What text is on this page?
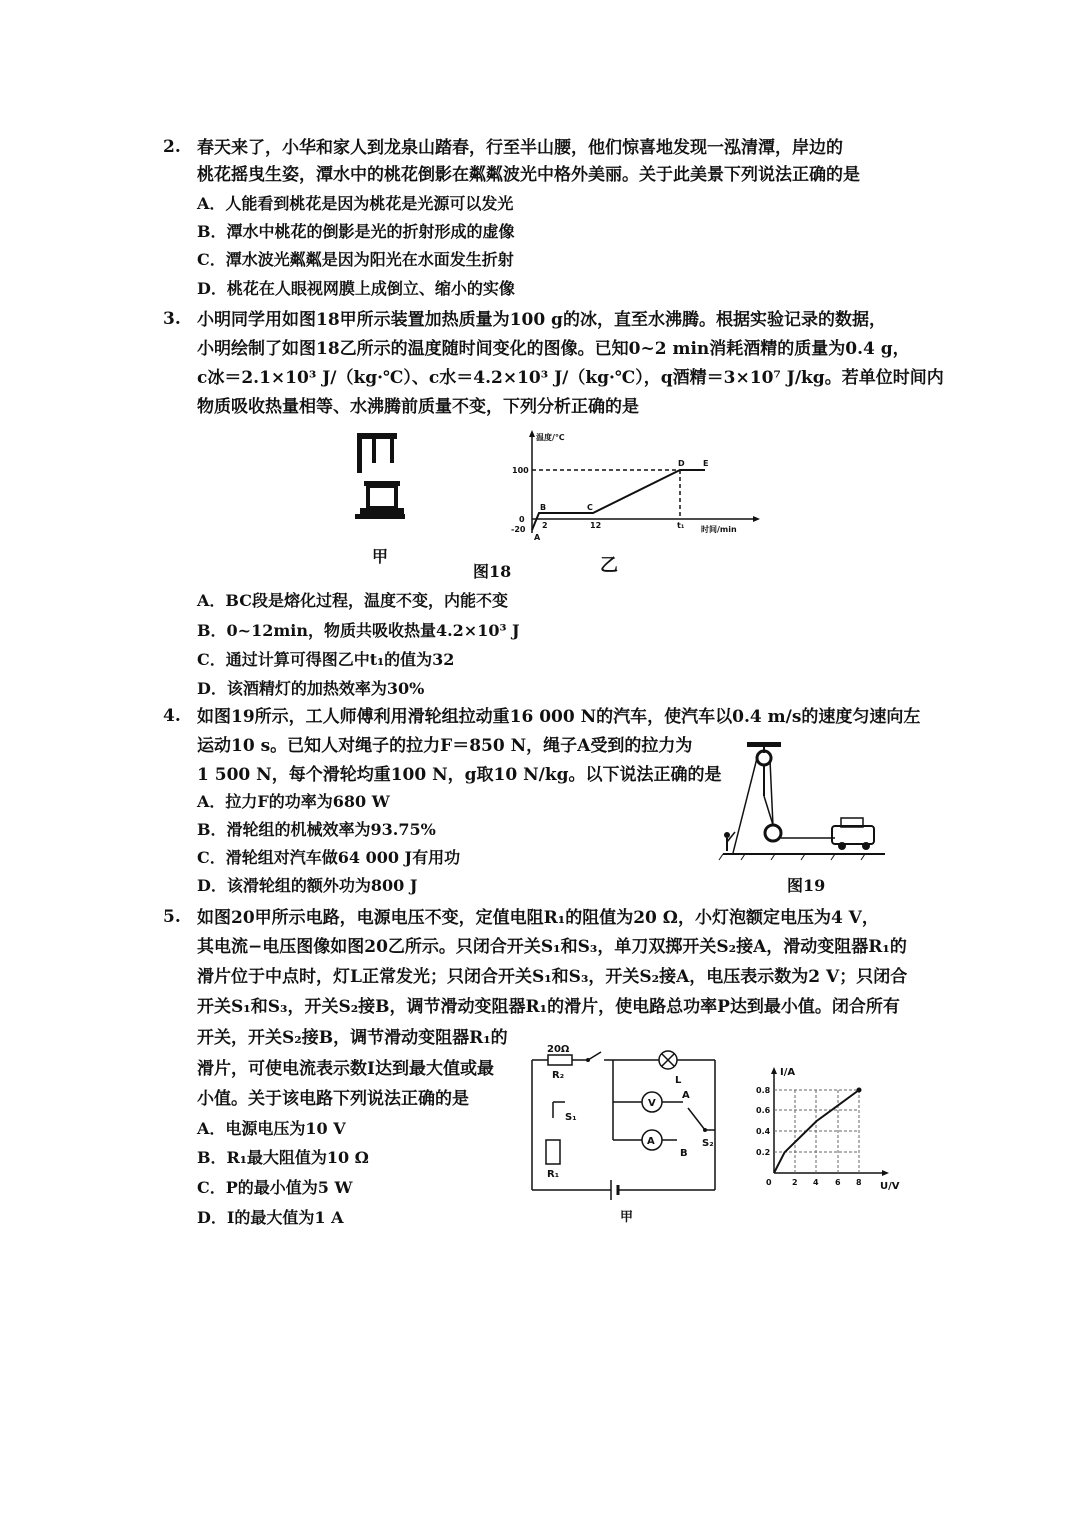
2. 春天来了，小华和家人到龙泉山踏春，行至半山腰，他们惊喜地发现一泓清潭，岸边的
桃花摇曳生姿，潭水中的桃花倒影在粼粼波光中格外美丽。关于此美景下列说法正确的是
A．人能看到桃花是因为桃花是光源可以发光
B．潭水中桃花的倒影是光的折射形成的虚像
C．潭水波光粼粼是因为阳光在水面发生折射
D．桃花在人眼视网膜上成倒立、缩小的实像
3. 小明同学用如图18甲所示装置加热质量为100 g的冰，直至水沸腾。根据实验记录的数据，
小明绘制了如图18乙所示的温度随时间变化的图像。已知0~2 min消耗酒精的质量为0.4 g，
c冰＝2.1×10³ J/（kg·℃）、c水＝4.2×10³ J/（kg·℃），q酒精＝3×10⁷ J/kg。若单位时间内
物质吸收热量相等、水沸腾前质量不变，下列分析正确的是
甲
温度/℃
时间/min
100
0
-20
A
B	C
D E
2	12	t₁
图18	乙
A．BC段是熔化过程，温度不变，内能不变
B．0~12min，物质共吸收热量4.2×10³ J
C．通过计算可得图乙中t₁的值为32
D．该酒精灯的加热效率为30%
4. 如图19所示，工人师傅利用滑轮组拉动重16 000 N的汽车，使汽车以0.4 m/s的速度匀速向左
运动10 s。已知人对绳子的拉力F＝850 N，绳子A受到的拉力为
1 500 N，每个滑轮均重100 N，g取10 N/kg。以下说法正确的是
A．拉力F的功率为680 W
B．滑轮组的机械效率为93.75%
C．滑轮组对汽车做64 000 J有用功
D．该滑轮组的额外功为800 J	图19
5. 如图20甲所示电路，电源电压不变，定值电阻R₁的阻值为20 Ω，小灯泡额定电压为4 V，
其电流−电压图像如图20乙所示。只闭合开关S₁和S₃，单刀双掷开关S₂接A，滑动变阻器R₁的
滑片位于中点时，灯L正常发光；只闭合开关S₁和S₃，开关S₂接A，电压表示数为2 V；只闭合
开关S₁和S₃，开关S₂接B，调节滑动变阻器R₁的滑片，使电路总功率P达到最小值。闭合所有
开关，开关S₂接B，调节滑动变阻器R₁的
滑片，可使电流表示数I达到最大值或最
小值。关于该电路下列说法正确的是
A．电源电压为10 V
B．R₁最大阻值为10 Ω
C．P的最小值为5 W
D．I的最大值为1 A
20Ω
R₂	L
V
A
A
B
S₂
S₁
R₁
甲
I/A
U/V
0.8
0.6
0.4
0.2
0	2 4 6 8
